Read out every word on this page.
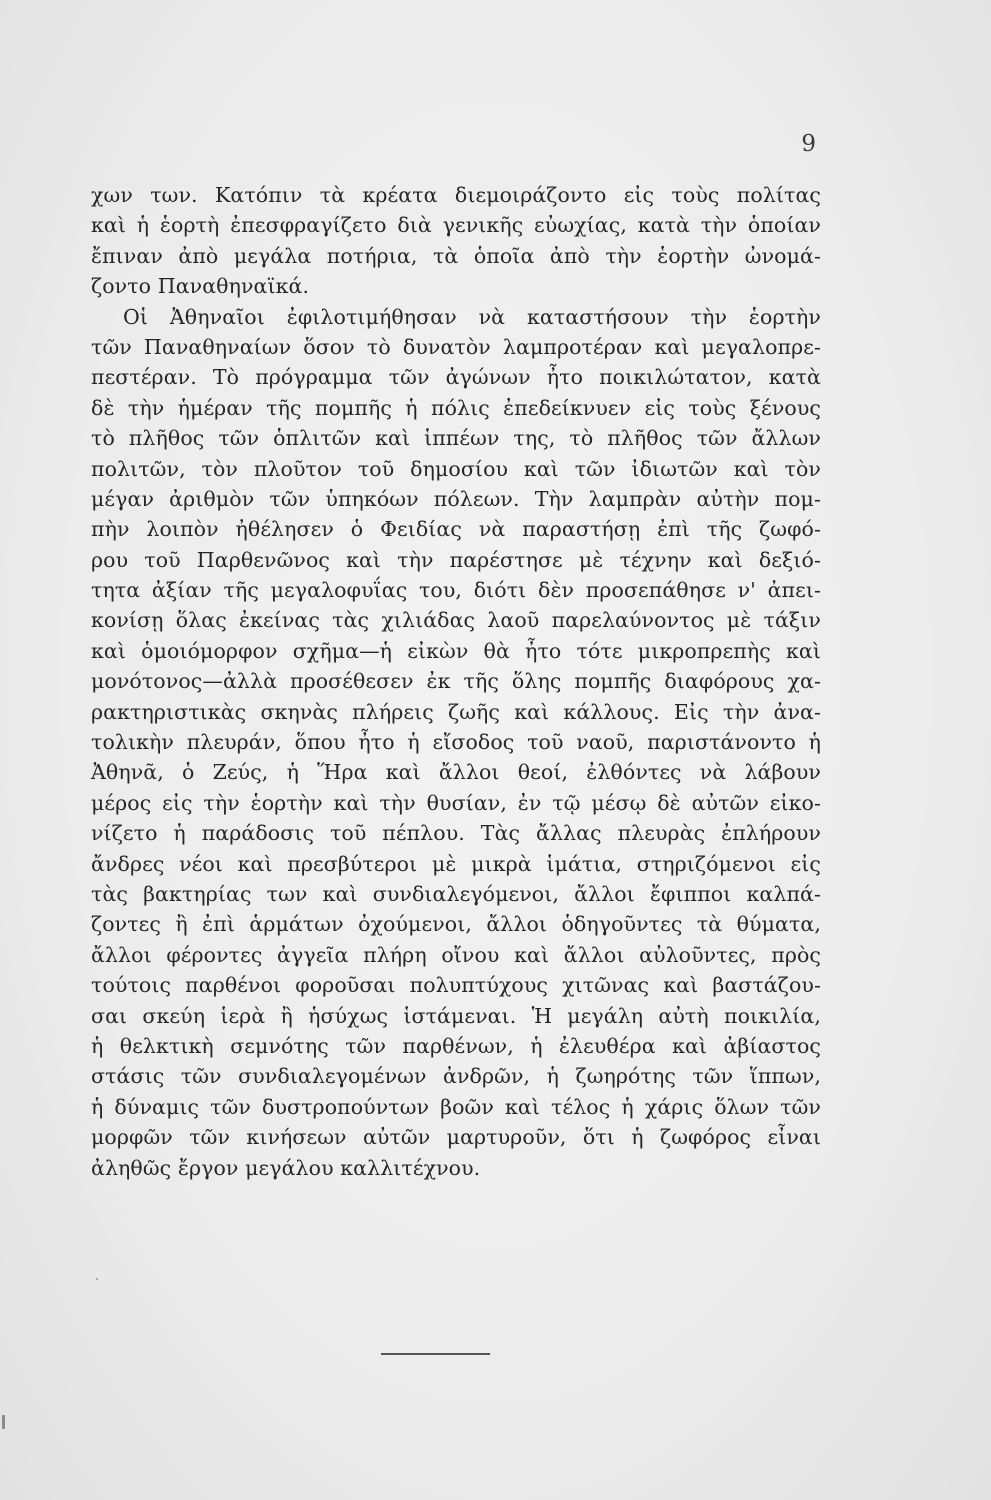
9
χων των. Κατόπιν τὰ κρέατα διεμοιράζοντο εἰς τοὺς πολίτας
καὶ ἡ ἑορτὴ ἐπεσφραγίζετο διὰ γενικῆς εὐωχίας, κατὰ τὴν ὁποίαν
ἔπιναν ἀπὸ μεγάλα ποτήρια, τὰ ὁποῖα ἀπὸ τὴν ἑορτὴν ὠνομά-
ζοντο Παναθηναϊκά.
Οἱ Ἀθηναῖοι ἐφιλοτιμήθησαν νὰ καταστήσουν τὴν ἑορτὴν
τῶν Παναθηναίων ὅσον τὸ δυνατὸν λαμπροτέραν καὶ μεγαλοπρε-
πεστέραν. Τὸ πρόγραμμα τῶν ἀγώνων ἦτο ποικιλώτατον, κατὰ
δὲ τὴν ἡμέραν τῆς πομπῆς ἡ πόλις ἐπεδείκνυεν εἰς τοὺς ξένους
τὸ πλῆθος τῶν ὁπλιτῶν καὶ ἱππέων της, τὸ πλῆθος τῶν ἄλλων
πολιτῶν, τὸν πλοῦτον τοῦ δημοσίου καὶ τῶν ἰδιωτῶν καὶ τὸν
μέγαν ἀριθμὸν τῶν ὑπηκόων πόλεων. Τὴν λαμπρὰν αὐτὴν πομ-
πὴν λοιπὸν ἠθέλησεν ὁ Φειδίας νὰ παραστήσῃ ἐπὶ τῆς ζωφό-
ρου τοῦ Παρθενῶνος καὶ τὴν παρέστησε μὲ τέχνην καὶ δεξιό-
τητα ἀξίαν τῆς μεγαλοφυΐας του, διότι δὲν προσεπάθησε ν' ἀπει-
κονίσῃ ὅλας ἐκείνας τὰς χιλιάδας λαοῦ παρελαύνοντος μὲ τάξιν
καὶ ὁμοιόμορφον σχῆμα—ἡ εἰκὼν θὰ ἦτο τότε μικροπρεπὴς καὶ
μονότονος—ἀλλὰ προσέθεσεν ἐκ τῆς ὅλης πομπῆς διαφόρους χα-
ρακτηριστικὰς σκηνὰς πλήρεις ζωῆς καὶ κάλλους. Εἰς τὴν ἀνα-
τολικὴν πλευράν, ὅπου ἦτο ἡ εἴσοδος τοῦ ναοῦ, παριστάνοντο ἡ
Ἀθηνᾶ, ὁ Ζεύς, ἡ Ἥρα καὶ ἄλλοι θεοί, ἐλθόντες νὰ λάβουν
μέρος εἰς τὴν ἑορτὴν καὶ τὴν θυσίαν, ἐν τῷ μέσῳ δὲ αὐτῶν εἰκο-
νίζετο ἡ παράδοσις τοῦ πέπλου. Τὰς ἄλλας πλευρὰς ἐπλήρουν
ἄνδρες νέοι καὶ πρεσβύτεροι μὲ μικρὰ ἱμάτια, στηριζόμενοι εἰς
τὰς βακτηρίας των καὶ συνδιαλεγόμενοι, ἄλλοι ἔφιπποι καλπά-
ζοντες ἢ ἐπὶ ἁρμάτων ὀχούμενοι, ἄλλοι ὁδηγοῦντες τὰ θύματα,
ἄλλοι φέροντες ἀγγεῖα πλήρη οἴνου καὶ ἄλλοι αὐλοῦντες, πρὸς
τούτοις παρθένοι φοροῦσαι πολυπτύχους χιτῶνας καὶ βαστάζου-
σαι σκεύη ἱερὰ ἢ ἡσύχως ἱστάμεναι. Ἡ μεγάλη αὐτὴ ποικιλία,
ἡ θελκτικὴ σεμνότης τῶν παρθένων, ἡ ἐλευθέρα καὶ ἀβίαστος
στάσις τῶν συνδιαλεγομένων ἀνδρῶν, ἡ ζωηρότης τῶν ἵππων,
ἡ δύναμις τῶν δυστροπούντων βοῶν καὶ τέλος ἡ χάρις ὅλων τῶν
μορφῶν τῶν κινήσεων αὐτῶν μαρτυροῦν, ὅτι ἡ ζωφόρος εἶναι
ἀληθῶς ἔργον μεγάλου καλλιτέχνου.
